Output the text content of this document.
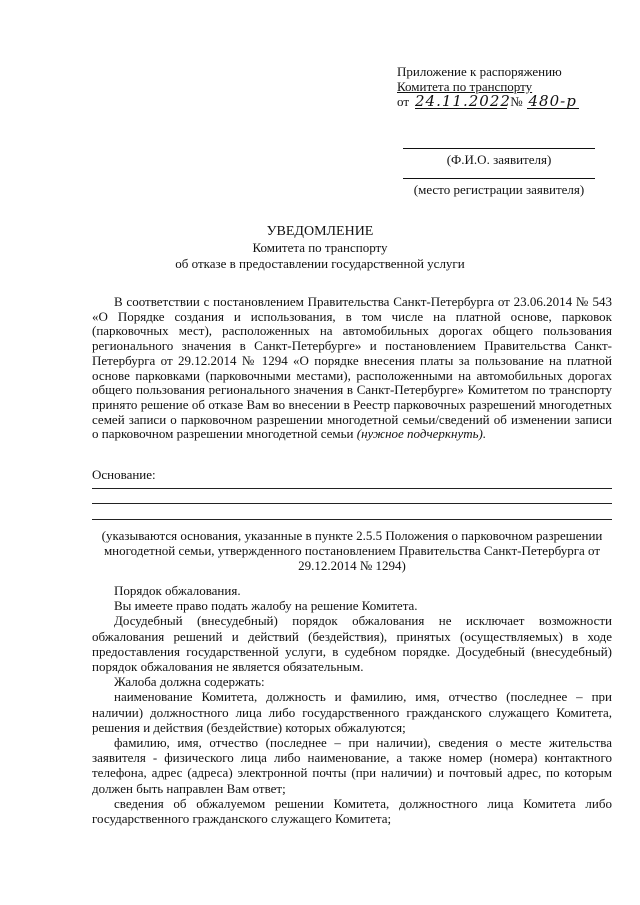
Приложение к распоряжению
Комитета по транспорту
от 24.11.2022 № 480-р
(Ф.И.О. заявителя)
(место регистрации заявителя)
УВЕДОМЛЕНИЕ
Комитета по транспорту
об отказе в предоставлении государственной услуги

В соответствии с постановлением Правительства Санкт-Петербурга от 23.06.2014 № 543 «О Порядке создания и использования, в том числе на платной основе, парковок (парковочных мест), расположенных на автомобильных дорогах общего пользования регионального значения в Санкт-Петербурге» и постановлением Правительства Санкт-Петербурга от 29.12.2014 № 1294 «О порядке внесения платы за пользование на платной основе парковками (парковочными местами), расположенными на автомобильных дорогах общего пользования регионального значения в Санкт-Петербурге» Комитетом по транспорту принято решение об отказе Вам во внесении в Реестр парковочных разрешений многодетных семей записи о парковочном разрешении многодетной семьи/сведений об изменении записи о парковочном разрешении многодетной семьи (нужное подчеркнуть).

Основание:
(указываются основания, указанные в пункте 2.5.5 Положения о парковочном разрешении многодетной семьи, утвержденного постановлением Правительства Санкт-Петербурга от 29.12.2014 № 1294)

Порядок обжалования.

Вы имеете право подать жалобу на решение Комитета.

Досудебный (внесудебный) порядок обжалования не исключает возможности обжалования решений и действий (бездействия), принятых (осуществляемых) в ходе предоставления государственной услуги, в судебном порядке. Досудебный (внесудебный) порядок обжалования не является обязательным.

Жалоба должна содержать:

наименование Комитета, должность и фамилию, имя, отчество (последнее – при наличии) должностного лица либо государственного гражданского служащего Комитета, решения и действия (бездействие) которых обжалуются;

фамилию, имя, отчество (последнее – при наличии), сведения о месте жительства заявителя - физического лица либо наименование, а также номер (номера) контактного телефона, адрес (адреса) электронной почты (при наличии) и почтовый адрес, по которым должен быть направлен Вам ответ;

сведения об обжалуемом решении Комитета, должностного лица Комитета либо государственного гражданского служащего Комитета;
